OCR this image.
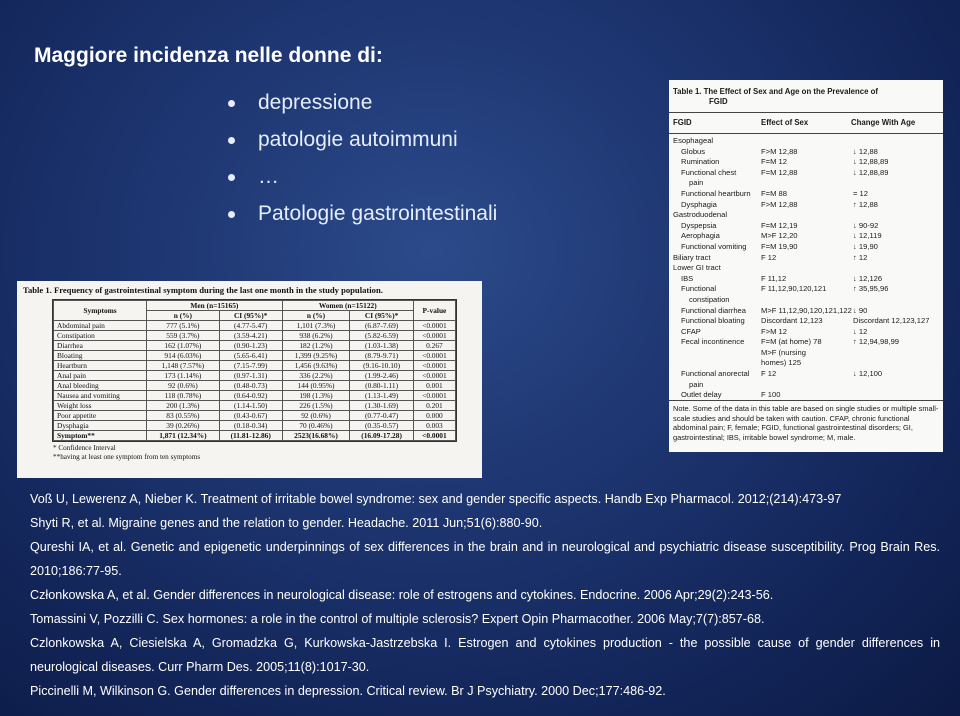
Maggiore incidenza nelle donne di:
depressione
patologie autoimmuni
…
Patologie gastrointestinali
Table 1. Frequency of gastrointestinal symptom during the last one month in the study population.
Symptoms	Men (n=15165)		Women (n=15122)		P-value
	n (%)	CI (95%)*	n (%)	CI (95%)*	
Abdominal pain	777 (5.1%)	(4.77-5.47)	1,101 (7.3%)	(6.87-7.69)	<0.0001
Constipation	559 (3.7%)	(3.59-4.21)	938 (6.2%)	(5.82-6.59)	<0.0001
Diarrhea	162 (1.07%)	(0.90-1.23)	182 (1.2%)	(1.03-1.38)	0.267
Bloating	914 (6.03%)	(5.65-6.41)	1,399 (9.25%)	(8.79-9.71)	<0.0001
Heartburn	1,148 (7.57%)	(7.15-7.99)	1,456 (9.63%)	(9.16-10.10)	<0.0001
Anal pain	173 (1.14%)	(0.97-1.31)	336 (2.2%)	(1.99-2.46)	<0.0001
Anal bleeding	92 (0.6%)	(0.48-0.73)	144 (0.95%)	(0.80-1.11)	0.001
Nausea and vomiting	118 (0.78%)	(0.64-0.92)	198 (1.3%)	(1.13-1.49)	<0.0001
Weight loss	200 (1.3%)	(1.14-1.50)	226 (1.5%)	(1.30-1.69)	0.201
Poor appetite	83 (0.55%)	(0.43-0.67)	92 (0.6%)	(0.77-0.47)	0.000
Dysphagia	39 (0.26%)	(0.18-0.34)	70 (0.46%)	(0.35-0.57)	0.003
Symptom**	1,871 (12.34%)	(11.81-12.86)	2523(16.68%)	(16.09-17.28)	<0.0001
* Confidence Interval
**having at least one symptom from ten symptoms
Table 1. The Effect of Sex and Age on the Prevalence of
FGID
FGID	Effect of Sex	Change With Age
Esophageal
Globus	F>M 12,88	↓ 12,88
Rumination	F=M 12	↓ 12,88,89
Functional chest	F=M 12,88	↓ 12,88,89
pain
Functional heartburn	F=M 88	= 12
Dysphagia	F>M 12,88	↑ 12,88
Gastroduodenal
Dyspepsia	F=M 12,19	↓ 90-92
Aerophagia	M>F 12,20	↓ 12,119
Functional vomiting	F=M 19,90	↓ 19,90
Biliary tract	F 12	↑ 12
Lower GI tract
IBS	F 11,12	↓ 12,126
Functional	F 11,12,90,120,121	↑ 35,95,96
constipation
Functional diarrhea	M>F 11,12,90,120,121,122 ↓ 90
Functional bloating	Discordant 12,123	Discordant 12,123,127
CFAP	F>M 12	↓ 12
Fecal incontinence	F=M (at home) 78	↑ 12,94,98,99
M>F (nursing
homes) 125
Functional anorectal	F 12	↓ 12,100
pain
Outlet delay	F 100
Note. Some of the data in this table are based on single studies or multiple small-scale studies and should be taken with caution. CFAP, chronic functional abdominal pain; F, female; FGID, functional gastrointestinal disorders; GI, gastrointestinal; IBS, irritable bowel syndrome; M, male.

Voß U, Lewerenz A, Nieber K. Treatment of irritable bowel syndrome: sex and gender specific aspects. Handb Exp Pharmacol. 2012;(214):473-97

Shyti R, et al. Migraine genes and the relation to gender. Headache. 2011 Jun;51(6):880-90.

Qureshi IA, et al. Genetic and epigenetic underpinnings of sex differences in the brain and in neurological and psychiatric disease susceptibility. Prog Brain Res. 2010;186:77-95.

Członkowska A, et al. Gender differences in neurological disease: role of estrogens and cytokines. Endocrine. 2006 Apr;29(2):243-56.

Tomassini V, Pozzilli C. Sex hormones: a role in the control of multiple sclerosis? Expert Opin Pharmacother. 2006 May;7(7):857-68.

Czlonkowska A, Ciesielska A, Gromadzka G, Kurkowska-Jastrzebska I. Estrogen and cytokines production - the possible cause of gender differences in neurological diseases. Curr Pharm Des. 2005;11(8):1017-30.

Piccinelli M, Wilkinson G. Gender differences in depression. Critical review. Br J Psychiatry. 2000 Dec;177:486-92.
